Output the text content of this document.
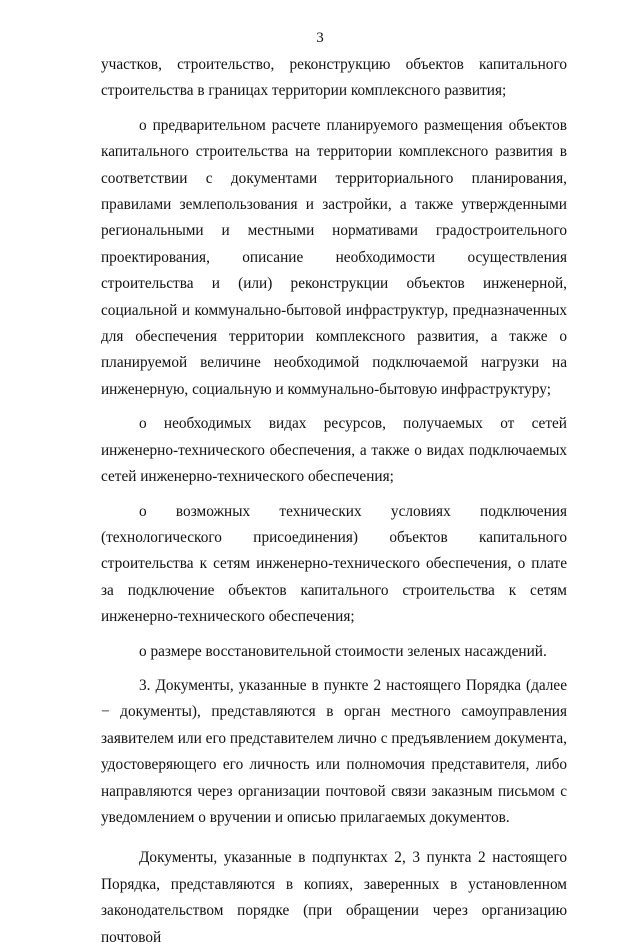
3

участков, строительство, реконструкцию объектов капитального строительства в границах территории комплексного развития;

о предварительном расчете планируемого размещения объектов капитального строительства на территории комплексного развития в соответствии с документами территориального планирования, правилами землепользования и застройки, а также утвержденными региональными и местными нормативами градостроительного проектирования, описание необходимости осуществления строительства и (или) реконструкции объектов инженерной, социальной и коммунально-бытовой инфраструктур, предназначенных для обеспечения территории комплексного развития, а также о планируемой величине необходимой подключаемой нагрузки на инженерную, социальную и коммунально-бытовую инфраструктуру;

о необходимых видах ресурсов, получаемых от сетей инженерно-технического обеспечения, а также о видах подключаемых сетей инженерно-технического обеспечения;

о возможных технических условиях подключения (технологического присоединения) объектов капитального строительства к сетям инженерно-технического обеспечения, о плате за подключение объектов капитального строительства к сетям инженерно-технического обеспечения;

о размере восстановительной стоимости зеленых насаждений.

3. Документы, указанные в пункте 2 настоящего Порядка (далее − документы), представляются в орган местного самоуправления заявителем или его представителем лично с предъявлением документа, удостоверяющего его личность или полномочия представителя, либо направляются через организации почтовой связи заказным письмом с уведомлением о вручении и описью прилагаемых документов.

Документы, указанные в подпунктах 2, 3 пункта 2 настоящего Порядка, представляются в копиях, заверенных в установленном законодательством порядке (при обращении через организацию почтовой
